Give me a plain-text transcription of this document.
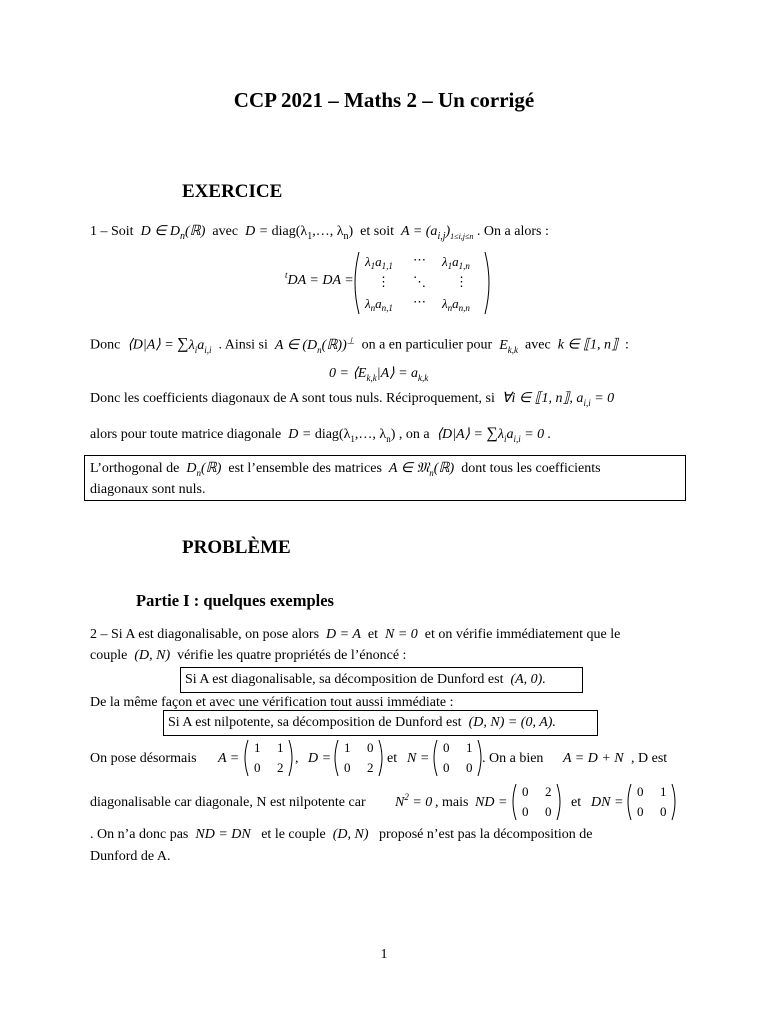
CCP 2021 – Maths 2 – Un corrigé
EXERCICE
1 – Soit  D ∈ $D_n(ℝ)$  avec  $D = diag(\lambda_1,\dots$, $\lambda_n$)  et soit  $A = (a_{i,j})_{1\le i,j\le n}$ . On a alors :
$^t$DA = DA =
$\lambda_1a_{1,1}$ ⋯ $\lambda_1a_{1,n}$
⋮ ⋱ ⋮
$\lambda_na_{n,1}$ ⋯ $\lambda_na_{n,n}$
Donc  ⟨D|A⟩ = $\sum\lambda_ia_{i,i}$ . Ainsi si  A ∈ $(D_n(ℝ))^\perp$ on a en particulier pour  $E_{k,k}$ avec  k ∈ ⟦1, n⟧  :
$0 = ⟨E_{k,k}|A⟩ = a_{k,k}$
Donc les coefficients diagonaux de A sont tous nuls. Réciproquement, si  ∀i ∈ ⟦1, n⟧, $a_{i,i} = 0$
alors pour toute matrice diagonale  $D = diag(\lambda_1,\dots$, $\lambda_n$) , on a  ⟨D|A⟩ = $\sum\lambda_ia_{i,i} = 0$ .
L’orthogonal de  $D_n(ℝ)$  est l’ensemble des matrices  A ∈ 𝔐$_n$(ℝ)  dont tous les coefficients
diagonaux sont nuls.
PROBLÈME
Partie I : quelques exemples
2 – Si A est diagonalisable, on pose alors  D = A  et  N = 0  et on vérifie immédiatement que le
couple  (D, N)  vérifie les quatre propriétés de l’énoncé :
Si A est diagonalisable, sa décomposition de Dunford est  (A, 0).
De la même façon et avec une vérification tout aussi immédiate :
Si A est nilpotente, sa décomposition de Dunford est  (D, N) = (0, A).
On pose désormais A =
1 1
0 2
, D =
1 0
0 2
et N =
0 1
0 0
. On a bien A = D + N , D est
diagonalisable car diagonale, N est nilpotente car $N^2 = 0$ , mais ND =
0 2
0 0
et DN =
0 1
0 0
. On n’a donc pas  ND = DN   et le couple  (D, N)   proposé n’est pas la décomposition de
Dunford de A.
1
